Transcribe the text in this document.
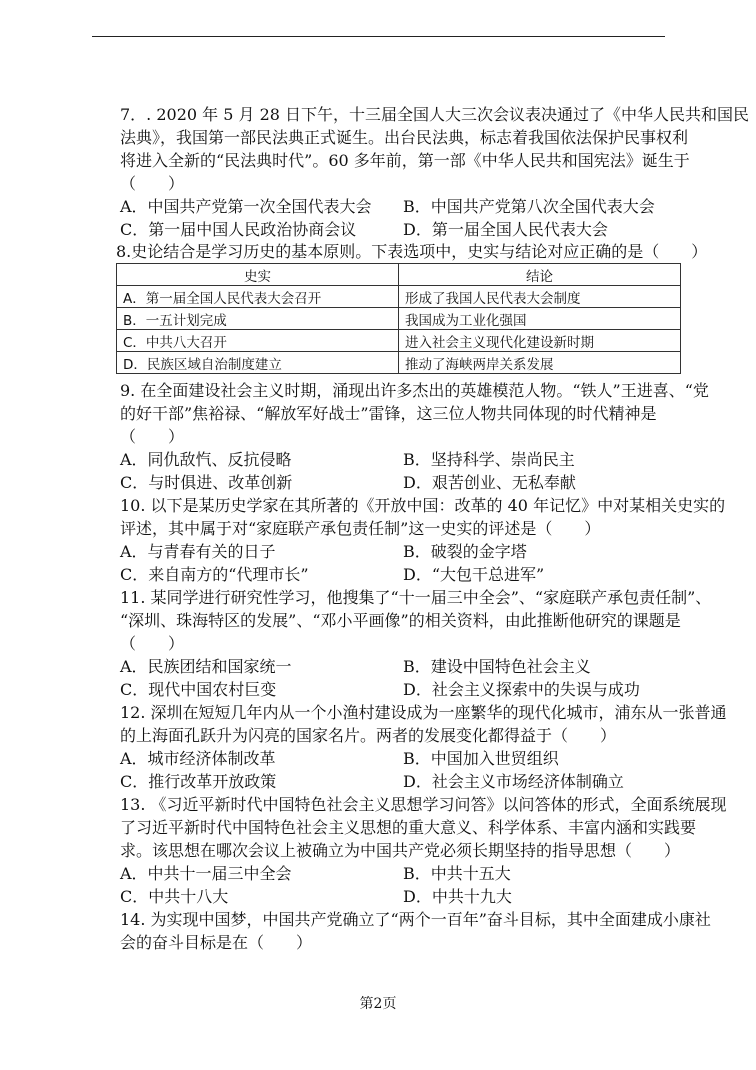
7．. 2020 年 5 月 28 日下午，十三届全国人大三次会议表决通过了《中华人民共和国民
法典》，我国第一部民法典正式诞生。出台民法典，标志着我国依法保护民事权利
将进入全新的“民法典时代”。60 多年前，第一部《中华人民共和国宪法》诞生于
（　　）
A．中国共产党第一次全国代表大会 B．中国共产党第八次全国代表大会
C．第一届中国人民政治协商会议	D．第一届全国人民代表大会
8.史论结合是学习历史的基本原则。下表选项中，史实与结论对应正确的是（　　）
史实	结论
A．第一届全国人民代表大会召开	形成了我国人民代表大会制度
B．一五计划完成	我国成为工业化强国
C．中共八大召开	进入社会主义现代化建设新时期
D．民族区域自治制度建立	推动了海峡两岸关系发展
9. 在全面建设社会主义时期，涌现出许多杰出的英雄模范人物。“铁人”王进喜、“党
的好干部”焦裕禄、“解放军好战士”雷锋，这三位人物共同体现的时代精神是
（　　）
A．同仇敌忾、反抗侵略	B．坚持科学、崇尚民主
C．与时俱进、改革创新	D．艰苦创业、无私奉献
10. 以下是某历史学家在其所著的《开放中国：改革的 40 年记忆》中对某相关史实的
评述，其中属于对“家庭联产承包责任制”这一史实的评述是（　　）
A．与青春有关的日子	B．破裂的金字塔
C．来自南方的“代理市长”	D．“大包干总进军”
11. 某同学进行研究性学习，他搜集了“十一届三中全会”、“家庭联产承包责任制”、
“深圳、珠海特区的发展”、“邓小平画像”的相关资料，由此推断他研究的课题是
（　　）
A．民族团结和国家统一	B．建设中国特色社会主义
C．现代中国农村巨变	D．社会主义探索中的失误与成功
12. 深圳在短短几年内从一个小渔村建设成为一座繁华的现代化城市，浦东从一张普通
的上海面孔跃升为闪亮的国家名片。两者的发展变化都得益于（　　）
A．城市经济体制改革	B．中国加入世贸组织
C．推行改革开放政策	D．社会主义市场经济体制确立
13. 《习近平新时代中国特色社会主义思想学习问答》以问答体的形式，全面系统展现
了习近平新时代中国特色社会主义思想的重大意义、科学体系、丰富内涵和实践要
求。该思想在哪次会议上被确立为中国共产党必须长期坚持的指导思想（　　）
A．中共十一届三中全会	B．中共十五大
C．中共十八大	D．中共十九大
14. 为实现中国梦，中国共产党确立了“两个一百年”奋斗目标，其中全面建成小康社
会的奋斗目标是在（　　）
第2页
